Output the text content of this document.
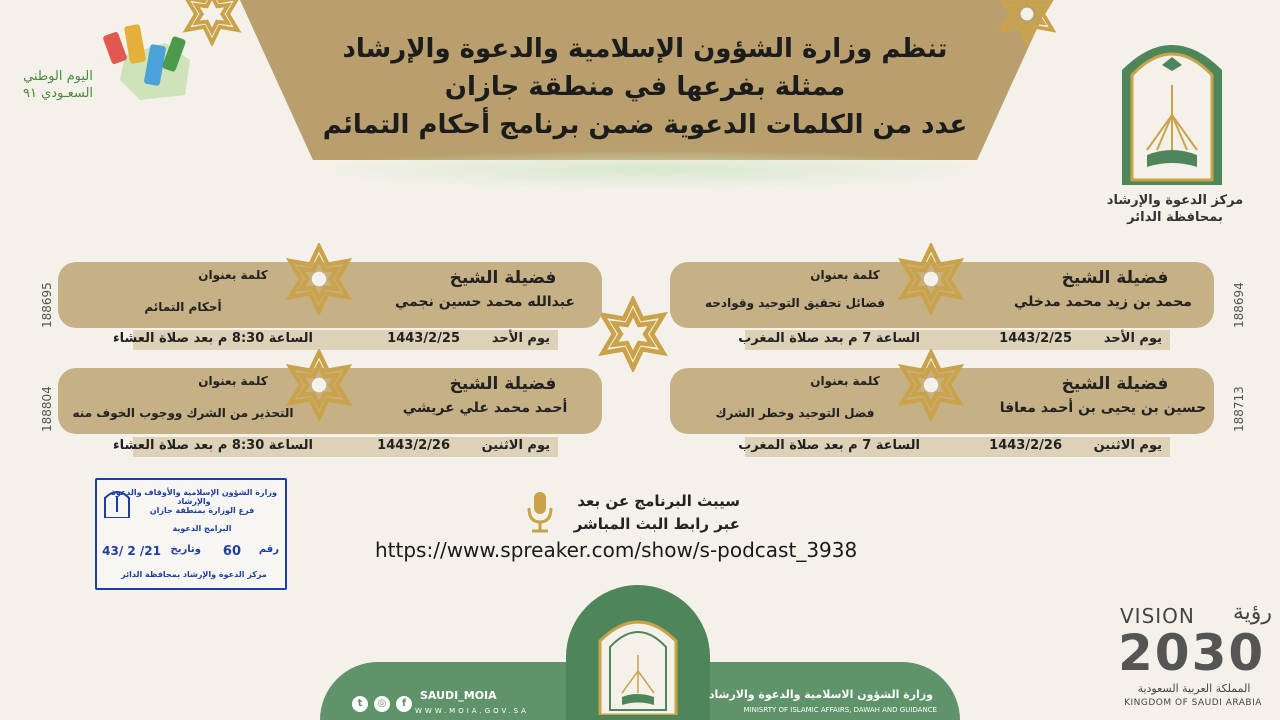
تنظم وزارة الشؤون الإسلامية والدعوة والإرشاد
ممثلة بفرعها في منطقة جازان
عدد من الكلمات الدعوية ضمن برنامج أحكام التمائم
اليوم الوطني
السعـودي ٩١
مركز الدعوة والإرشاد
بمحافظة الدائر
فضيلة الشيخ
محمد بن زيد محمد مدخلي
كلمة بعنوان
فضائل تحقيق التوحيد وقوادحه
يوم الأحد
1443/2/25
الساعة 7 م بعد صلاة المغرب
188694
فضيلة الشيخ
عبدالله محمد حسين نجمي
كلمة بعنوان
أحكام التمائم
يوم الأحد
1443/2/25
الساعة 8:30 م بعد صلاة العشاء
188695
فضيلة الشيخ
حسين بن يحيى بن أحمد معافا
كلمة بعنوان
فضل التوحيد وخطر الشرك
يوم الاثنين
1443/2/26
الساعة 7 م بعد صلاة المغرب
188713
فضيلة الشيخ
أحمد محمد علي عريشي
كلمة بعنوان
التحذير من الشرك ووجوب الخوف منه
يوم الاثنين
1443/2/26
الساعة 8:30 م بعد صلاة العشاء
188804
وزارة الشؤون الإسلامية والأوقاف والدعوة والإرشاد
فرع الوزارة بمنطقة جازان
البرامج الدعوية
رقم
60
وتاريخ
43/ 2 /21
مركز الدعوة والإرشاد بمحافظة الدائر
سيبث البرنامج عن بعد
عبر رابط البث المباشر
https://www.spreaker.com/show/s-podcast_3938
وزارة الشؤون الاسلامية والدعوة والارشاد
MINISRTY OF ISLAMIC AFFAIRS, DAWAH AND GUIDANCE
SAUDI_MOIA
WWW.MOIA.GOV.SA
t	◎	f
VISION	رؤية
2030
المملكة العربية السعودية
KINGDOM OF SAUDI ARABIA
